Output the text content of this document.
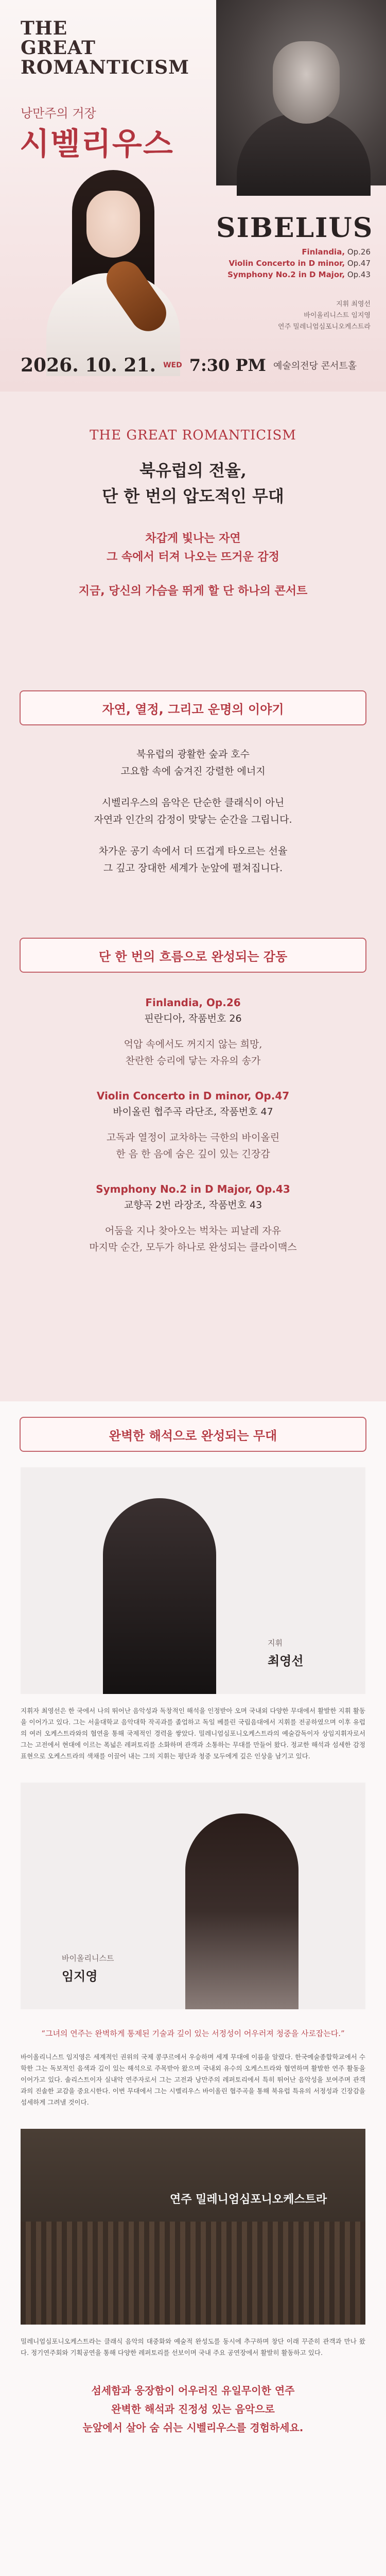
THE
GREAT
ROMANTICISM
낭만주의 거장
시벨리우스
SIBELIUS
Finlandia, Op.26
Violin Concerto in D minor, Op.47
Symphony No.2 in D Major, Op.43
지휘 최영선
바이올리니스트 임지영
연주 밀레니엄심포니오케스트라
2026. 10. 21. WED 7:30 PM 예술의전당 콘서트홀
THE GREAT ROMANTICISM
북유럽의 전율,
단 한 번의 압도적인 무대
차갑게 빛나는 자연
그 속에서 터져 나오는 뜨거운 감정
지금, 당신의 가슴을 뛰게 할 단 하나의 콘서트
자연, 열정, 그리고 운명의 이야기

북유럽의 광활한 숲과 호수
고요함 속에 숨겨진 강렬한 에너지

시벨리우스의 음악은 단순한 클래식이 아닌
자연과 인간의 감정이 맞닿는 순간을 그립니다.

차가운 공기 속에서 더 뜨겁게 타오르는 선율
그 깊고 장대한 세계가 눈앞에 펼쳐집니다.

단 한 번의 흐름으로 완성되는 감동
Finlandia, Op.26
핀란디아, 작품번호 26
억압 속에서도 꺼지지 않는 희망,
찬란한 승리에 닿는 자유의 송가
Violin Concerto in D minor, Op.47
바이올린 협주곡 라단조, 작품번호 47
고독과 열정이 교차하는 극한의 바이올린
한 음 한 음에 숨은 깊이 있는 긴장감
Symphony No.2 in D Major, Op.43
교향곡 2번 라장조, 작품번호 43
어둠을 지나 찾아오는 벅차는 피날레 자유
마지막 순간, 모두가 하나로 완성되는 클라이맥스
완벽한 해석으로 완성되는 무대
지휘
최영선
지휘자 최영선은 한 국에서 나의 뛰어난 음악성과 독창적인 해석을 인정받아 오며 국내외 다양한 무대에서 활발한 지휘 활동을 이어가고 있다. 그는 서울대학교 음악대학 작곡과를 졸업하고 독일 베를린 국립음대에서 지휘를 전공하였으며 이후 유럽의 여러 오케스트라와의 협연을 통해 국제적인 경력을 쌓았다. 밀레니엄심포니오케스트라의 예술감독이자 상임지휘자로서 그는 고전에서 현대에 이르는 폭넓은 레퍼토리를 소화하며 관객과 소통하는 무대를 만들어 왔다. 정교한 해석과 섬세한 감정 표현으로 오케스트라의 색채를 이끌어 내는 그의 지휘는 평단과 청중 모두에게 깊은 인상을 남기고 있다.
바이올리니스트
임지영
“그녀의 연주는 완벽하게 통제된 기술과 깊이 있는 서정성이 어우러져 청중을 사로잡는다.”
바이올리니스트 임지영은 세계적인 권위의 국제 콩쿠르에서 우승하며 세계 무대에 이름을 알렸다. 한국예술종합학교에서 수학한 그는 독보적인 음색과 깊이 있는 해석으로 주목받아 왔으며 국내외 유수의 오케스트라와 협연하며 활발한 연주 활동을 이어가고 있다. 솔리스트이자 실내악 연주자로서 그는 고전과 낭만주의 레퍼토리에서 특히 뛰어난 음악성을 보여주며 관객과의 진솔한 교감을 중요시한다. 이번 무대에서 그는 시벨리우스 바이올린 협주곡을 통해 북유럽 특유의 서정성과 긴장감을 섬세하게 그려낼 것이다.
연주 밀레니엄심포니오케스트라
밀레니엄심포니오케스트라는 클래식 음악의 대중화와 예술적 완성도를 동시에 추구하며 창단 이래 꾸준히 관객과 만나 왔다. 정기연주회와 기획공연을 통해 다양한 레퍼토리를 선보이며 국내 주요 공연장에서 활발히 활동하고 있다.
섬세함과 웅장함이 어우러진 유일무이한 연주
완벽한 해석과 진정성 있는 음악으로
눈앞에서 살아 숨 쉬는 시벨리우스를 경험하세요.
